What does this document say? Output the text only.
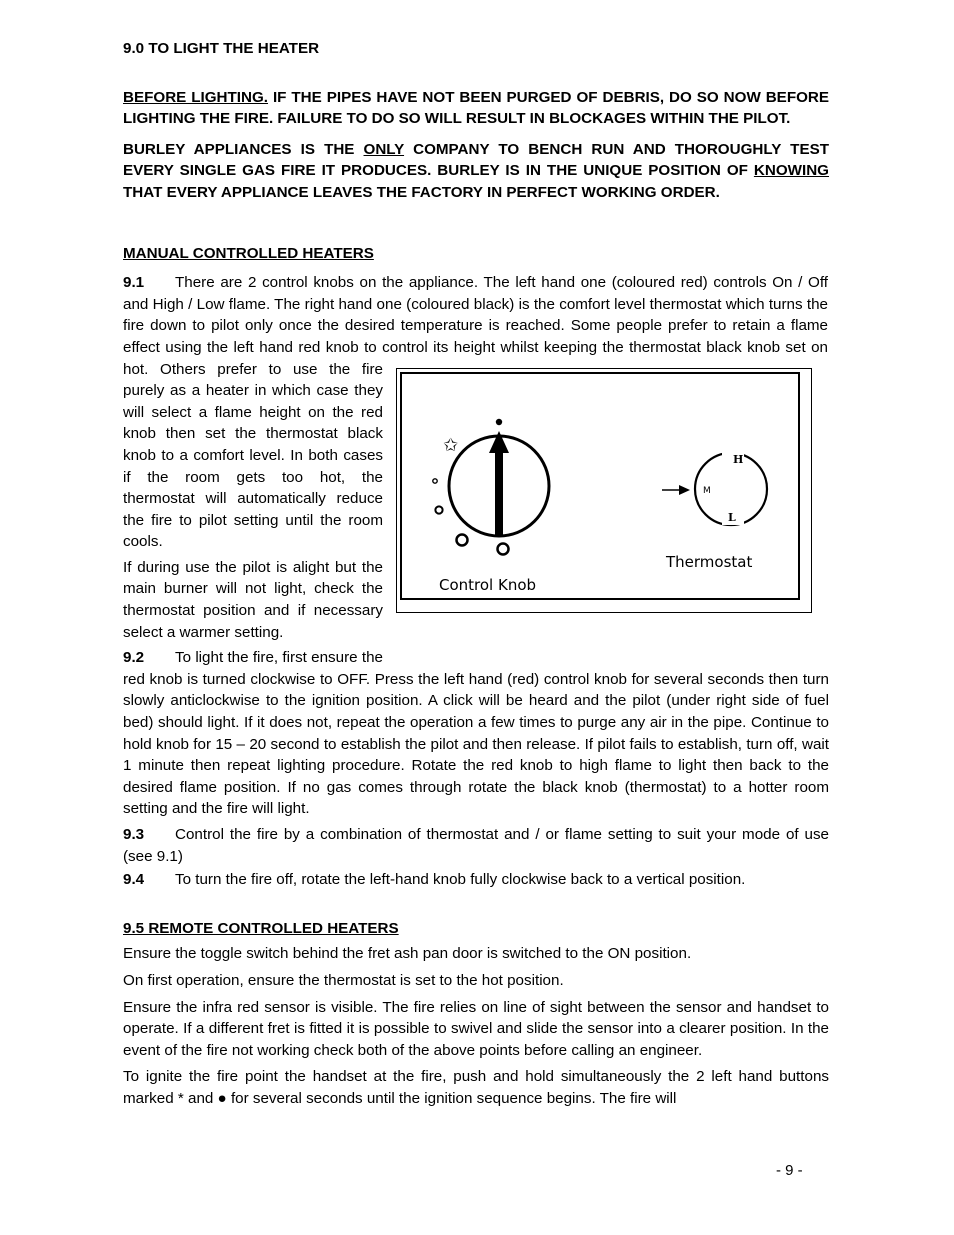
9.0 TO LIGHT THE HEATER

BEFORE LIGHTING. IF THE PIPES HAVE NOT BEEN PURGED OF DEBRIS, DO SO NOW BEFORE LIGHTING THE FIRE. FAILURE TO DO SO WILL RESULT IN BLOCKAGES WITHIN THE PILOT.

BURLEY APPLIANCES IS THE ONLY COMPANY TO BENCH RUN AND THOROUGHLY TEST EVERY SINGLE GAS FIRE IT PRODUCES. BURLEY IS IN THE UNIQUE POSITION OF KNOWING THAT EVERY APPLIANCE LEAVES THE FACTORY IN PERFECT WORKING ORDER.

MANUAL CONTROLLED HEATERS

9.1 There are 2 control knobs on the appliance. The left hand one (coloured red) controls On / Off and High / Low flame. The right hand one (coloured black) is the comfort level thermostat which turns the fire down to pilot only once the desired temperature is reached. Some people prefer to retain a flame effect using the left hand red knob to control its height whilst keeping the thermostat black knob set on hot. Others prefer to use the fire purely as a heater in which case they will select a flame height on the red knob then set the thermostat black knob to a comfort level. In both cases if the room gets too hot, the thermostat will automatically reduce the fire to pilot setting until the room cools.

If during use the pilot is alight but the main burner will not light, check the thermostat position and if necessary select a warmer setting.

9.2 To light the fire, first ensure the red knob is turned clockwise to OFF. Press the left hand (red) control knob for several seconds then turn slowly anticlockwise to the ignition position. A click will be heard and the pilot (under right side of fuel bed) should light. If it does not, repeat the operation a few times to purge any air in the pipe. Continue to hold knob for 15 – 20 second to establish the pilot and then release. If pilot fails to establish, turn off, wait 1 minute then repeat lighting procedure. Rotate the red knob to high flame to light then back to the desired flame position. If no gas comes through rotate the black knob (thermostat) to a hotter room setting and the fire will light.

9.3 Control the fire by a combination of thermostat and / or flame setting to suit your mode of use (see 9.1)

9.4 To turn the fire off, rotate the left-hand knob fully clockwise back to a vertical position.

9.5 REMOTE CONTROLLED HEATERS

Ensure the toggle switch behind the fret ash pan door is switched to the ON position.

On first operation, ensure the thermostat is set to the hot position.

Ensure the infra red sensor is visible. The fire relies on line of sight between the sensor and handset to operate. If a different fret is fitted it is possible to swivel and slide the sensor into a clearer position. In the event of the fire not working check both of the above points before calling an engineer.

To ignite the fire point the handset at the fire, push and hold simultaneously the 2 left hand buttons marked * and ● for several seconds until the ignition sequence begins. The fire will

✩
Control Knob
H
M
L
Thermostat
- 9 -
